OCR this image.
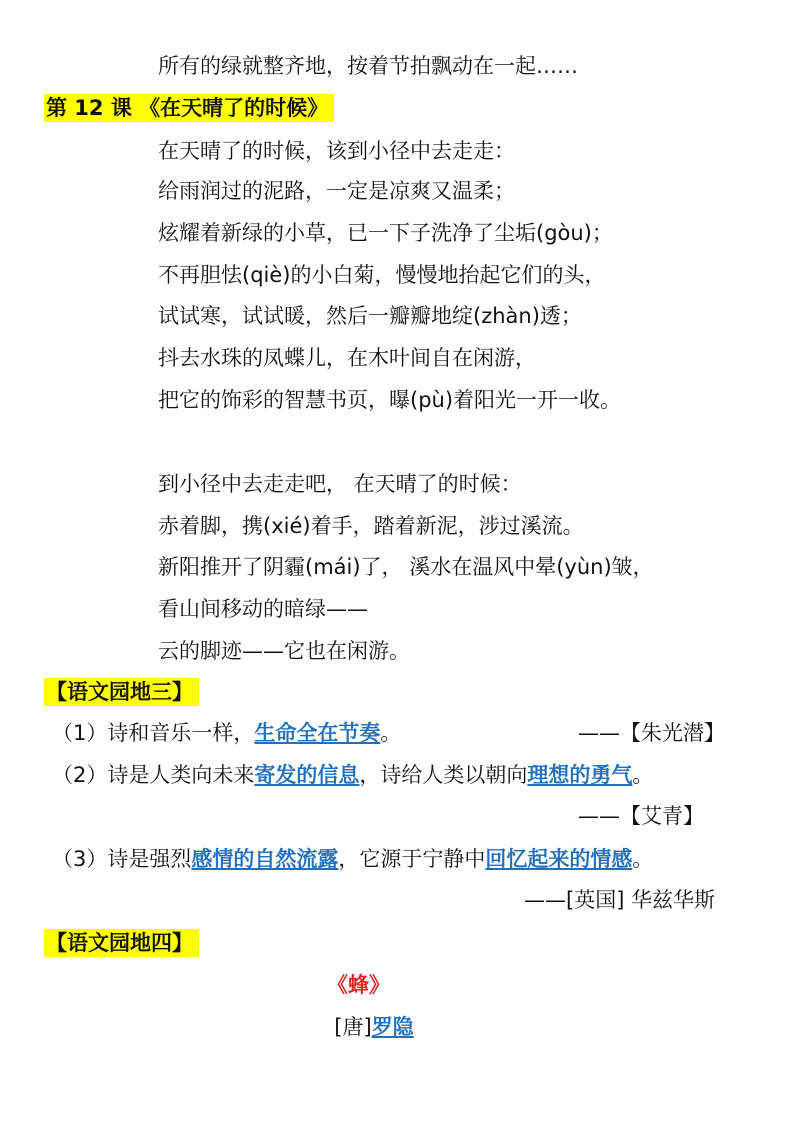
所有的绿就整齐地，按着节拍飘动在一起……
第 12 课 《在天晴了的时候》
在天晴了的时候，该到小径中去走走：
给雨润过的泥路，一定是凉爽又温柔；
炫耀着新绿的小草，已一下子洗净了尘垢(gòu)；
不再胆怯(qiè)的小白菊，慢慢地抬起它们的头，
试试寒，试试暖，然后一瓣瓣地绽(zhàn)透；
抖去水珠的凤蝶儿，在木叶间自在闲游，
把它的饰彩的智慧书页，曝(pù)着阳光一开一收。
到小径中去走走吧， 在天晴了的时候：
赤着脚，携(xié)着手，踏着新泥，涉过溪流。
新阳推开了阴霾(mái)了， 溪水在温风中晕(yùn)皱，
看山间移动的暗绿——
云的脚迹——它也在闲游。
【语文园地三】
（1）诗和音乐一样，生命全在节奏。	——【朱光潜】
（2）诗是人类向未来寄发的信息，诗给人类以朝向理想的勇气。
——【艾青】
（3）诗是强烈感情的自然流露，它源于宁静中回忆起来的情感。
——[英国] 华兹华斯
【语文园地四】
《蜂》
[唐]罗隐
